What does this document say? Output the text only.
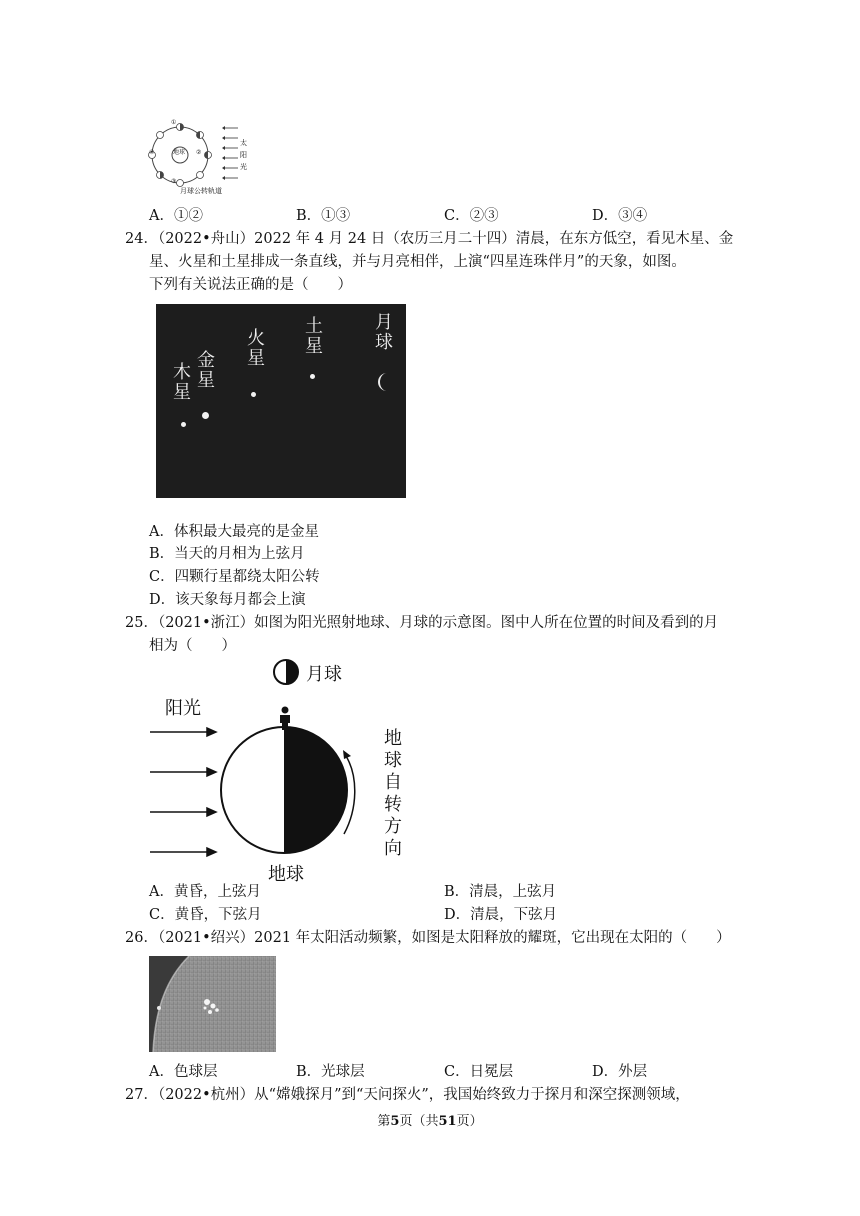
地球
①
②
③
④
太
阳
光
月球公转轨道
A．①②	B．①③	C．②③	D．③④
24．（2022•舟山）2022 年 4 月 24 日（农历三月二十四）清晨，在东方低空，看见木星、金
星、火星和土星排成一条直线，并与月亮相伴，上演“四星连珠伴月”的天象，如图。
下列有关说法正确的是（　　）
木星 金星
火星 土星	月球
A．体积最大最亮的是金星
B．当天的月相为上弦月
C．四颗行星都绕太阳公转
D．该天象每月都会上演
25．（2021•浙江）如图为阳光照射地球、月球的示意图。图中人所在位置的时间及看到的月
相为（　　）
月球
阳光
地球自转方向
地球
A．黄昏，上弦月	B．清晨，上弦月
C．黄昏，下弦月	D．清晨，下弦月
26．（2021•绍兴）2021 年太阳活动频繁，如图是太阳释放的耀斑，它出现在太阳的（　　）
A．色球层	B．光球层	C．日冕层	D．外层
27．（2022•杭州）从“嫦娥探月”到“天问探火”，我国始终致力于探月和深空探测领域，
第5页（共51页）
